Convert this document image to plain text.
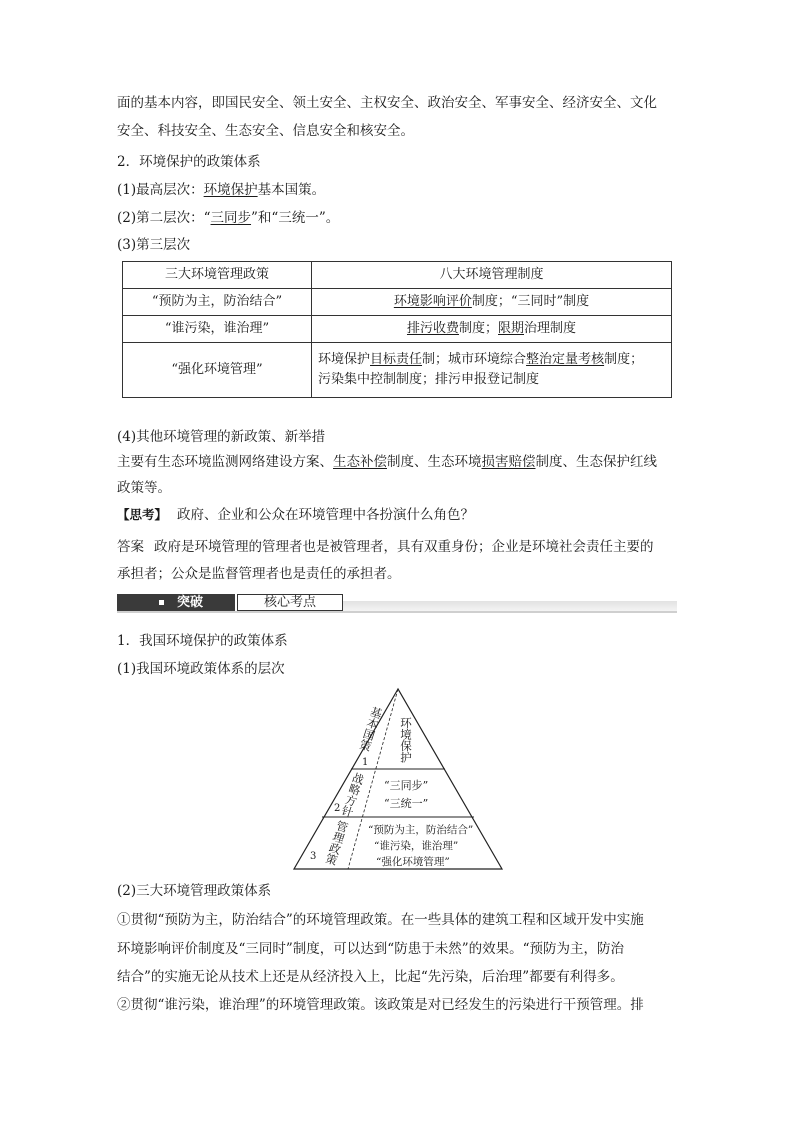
面的基本内容，即国民安全、领土安全、主权安全、政治安全、军事安全、经济安全、文化
安全、科技安全、生态安全、信息安全和核安全。
2．环境保护的政策体系
(1)最高层次：环境保护基本国策。
(2)第二层次：“三同步”和“三统一”。
(3)第三层次
三大环境管理政策	八大环境管理制度
“预防为主，防治结合”	环境影响评价制度；“三同时”制度
“谁污染，谁治理”	排污收费制度；限期治理制度
“强化环境管理”	环境保护目标责任制；城市环境综合整治定量考核制度；
污染集中控制制度；排污申报登记制度
(4)其他环境管理的新政策、新举措
主要有生态环境监测网络建设方案、生态补偿制度、生态环境损害赔偿制度、生态保护红线
政策等。
【思考】 政府、企业和公众在环境管理中各扮演什么角色？
答案 政府是环境管理的管理者也是被管理者，具有双重身份；企业是环境社会责任主要的
承担者；公众是监督管理者也是责任的承担者。
突破	核心考点
1．我国环境保护的政策体系
(1)我国环境政策体系的层次
1
基本国策 环境保护
2
战略方针 “三同步”
“三统一”
3 管理政策 “预防为主，防治结合”
“谁污染，谁治理”
“强化环境管理”
(2)三大环境管理政策体系
①贯彻“预防为主，防治结合”的环境管理政策。在一些具体的建筑工程和区域开发中实施
环境影响评价制度及“三同时”制度，可以达到“防患于未然”的效果。“预防为主，防治
结合”的实施无论从技术上还是从经济投入上，比起“先污染，后治理”都要有利得多。
②贯彻“谁污染，谁治理”的环境管理政策。该政策是对已经发生的污染进行干预管理。排
